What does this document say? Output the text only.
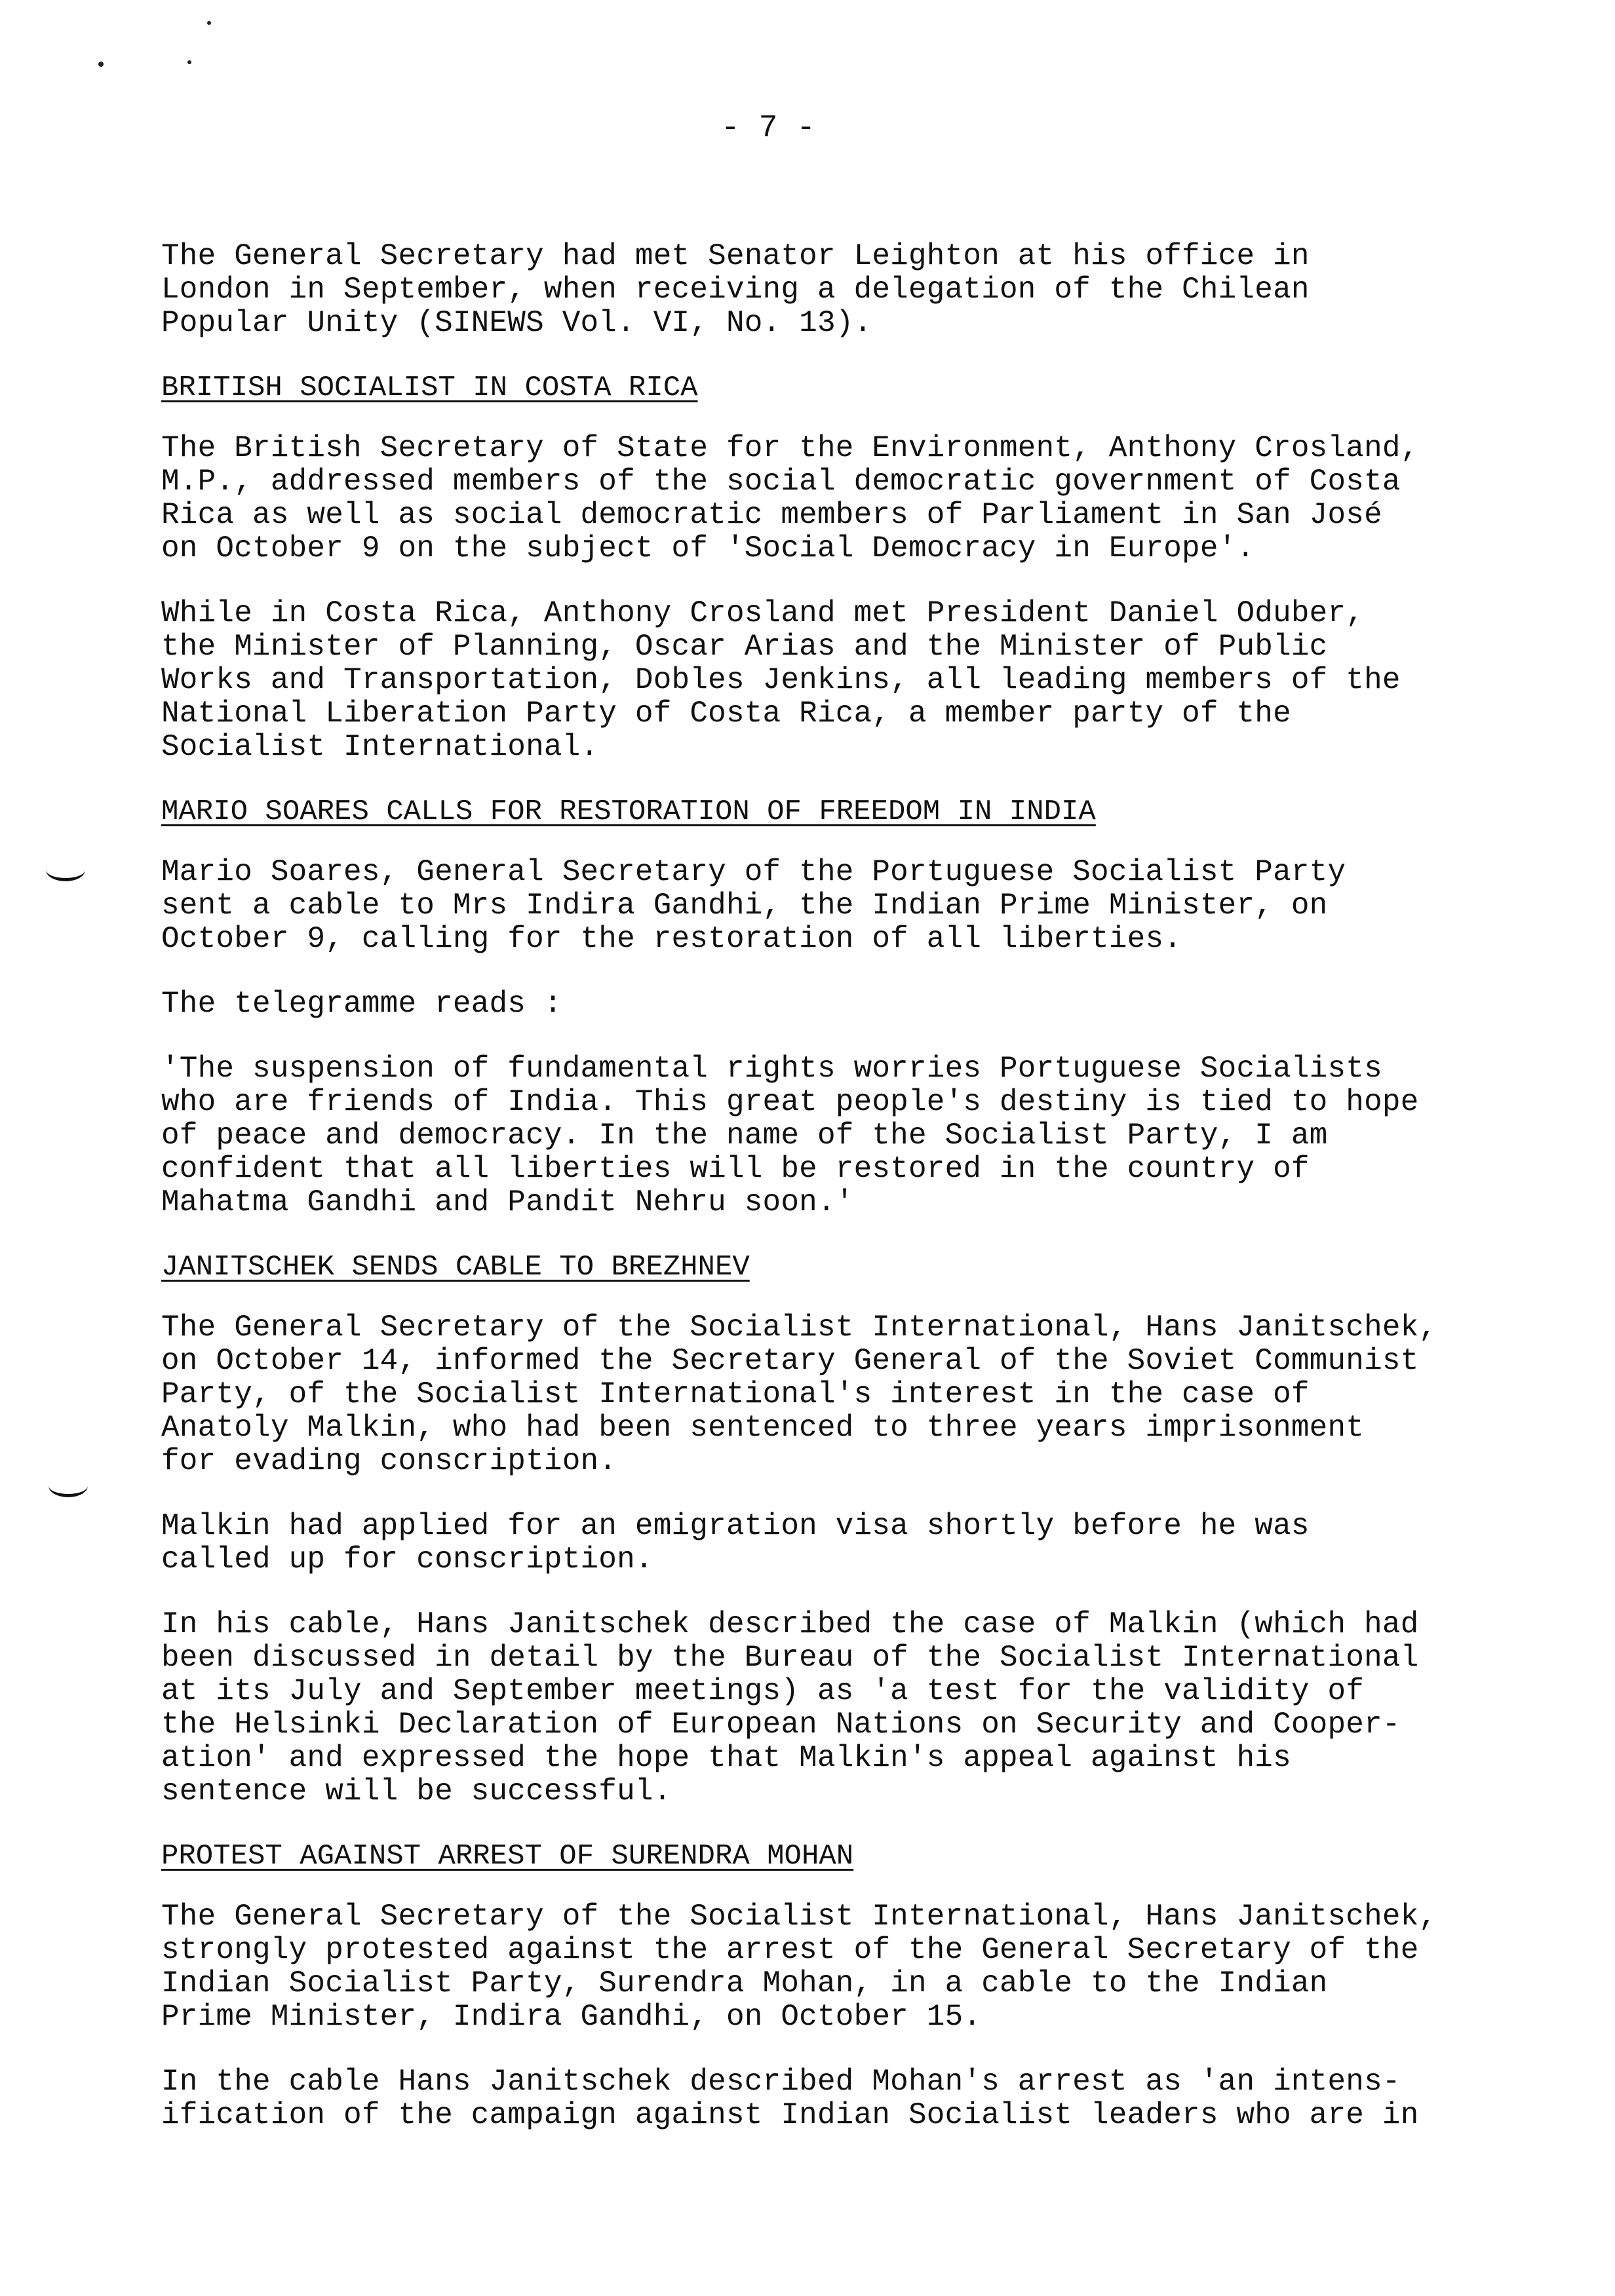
- 7 -
The General Secretary had met Senator Leighton at his office in
London in September, when receiving a delegation of the Chilean
Popular Unity (SINEWS Vol. VI, No. 13).
BRITISH SOCIALIST IN COSTA RICA
The British Secretary of State for the Environment, Anthony Crosland,
M.P., addressed members of the social democratic government of Costa
Rica as well as social democratic members of Parliament in San José
on October 9 on the subject of 'Social Democracy in Europe'.
While in Costa Rica, Anthony Crosland met President Daniel Oduber,
the Minister of Planning, Oscar Arias and the Minister of Public
Works and Transportation, Dobles Jenkins, all leading members of the
National Liberation Party of Costa Rica, a member party of the
Socialist International.
MARIO SOARES CALLS FOR RESTORATION OF FREEDOM IN INDIA
Mario Soares, General Secretary of the Portuguese Socialist Party
sent a cable to Mrs Indira Gandhi, the Indian Prime Minister, on
October 9, calling for the restoration of all liberties.
The telegramme reads :
'The suspension of fundamental rights worries Portuguese Socialists
who are friends of India. This great people's destiny is tied to hope
of peace and democracy. In the name of the Socialist Party, I am
confident that all liberties will be restored in the country of
Mahatma Gandhi and Pandit Nehru soon.'
JANITSCHEK SENDS CABLE TO BREZHNEV
The General Secretary of the Socialist International, Hans Janitschek,
on October 14, informed the Secretary General of the Soviet Communist
Party, of the Socialist International's interest in the case of
Anatoly Malkin, who had been sentenced to three years imprisonment
for evading conscription.
Malkin had applied for an emigration visa shortly before he was
called up for conscription.
In his cable, Hans Janitschek described the case of Malkin (which had
been discussed in detail by the Bureau of the Socialist International
at its July and September meetings) as 'a test for the validity of
the Helsinki Declaration of European Nations on Security and Cooper-
ation' and expressed the hope that Malkin's appeal against his
sentence will be successful.
PROTEST AGAINST ARREST OF SURENDRA MOHAN
The General Secretary of the Socialist International, Hans Janitschek,
strongly protested against the arrest of the General Secretary of the
Indian Socialist Party, Surendra Mohan, in a cable to the Indian
Prime Minister, Indira Gandhi, on October 15.
In the cable Hans Janitschek described Mohan's arrest as 'an intens-
ification of the campaign against Indian Socialist leaders who are in
